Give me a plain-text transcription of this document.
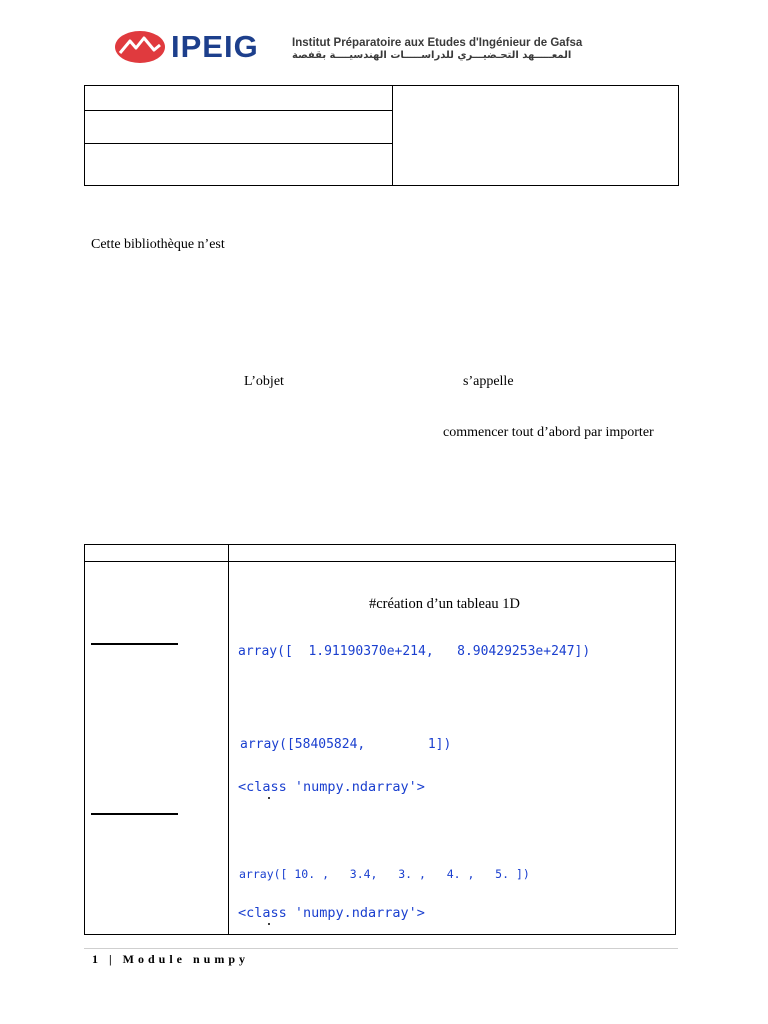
IPEIG	Institut Préparatoire aux Etudes d'Ingénieur de Gafsa
المعـــــهد التحـضيـــري للدراســـــات الهندسيــــة بقفصة
Cette bibliothèque n’est
L’objet	s’appelle
commencer tout d’abord par importer
#création d’un tableau 1D
array([  1.91190370e+214,   8.90429253e+247])
array([58405824,        1])
<class 'numpy.ndarray'>
array([ 10. ,   3.4,   3. ,   4. ,   5. ])
<class 'numpy.ndarray'>
1 | Module numpy
